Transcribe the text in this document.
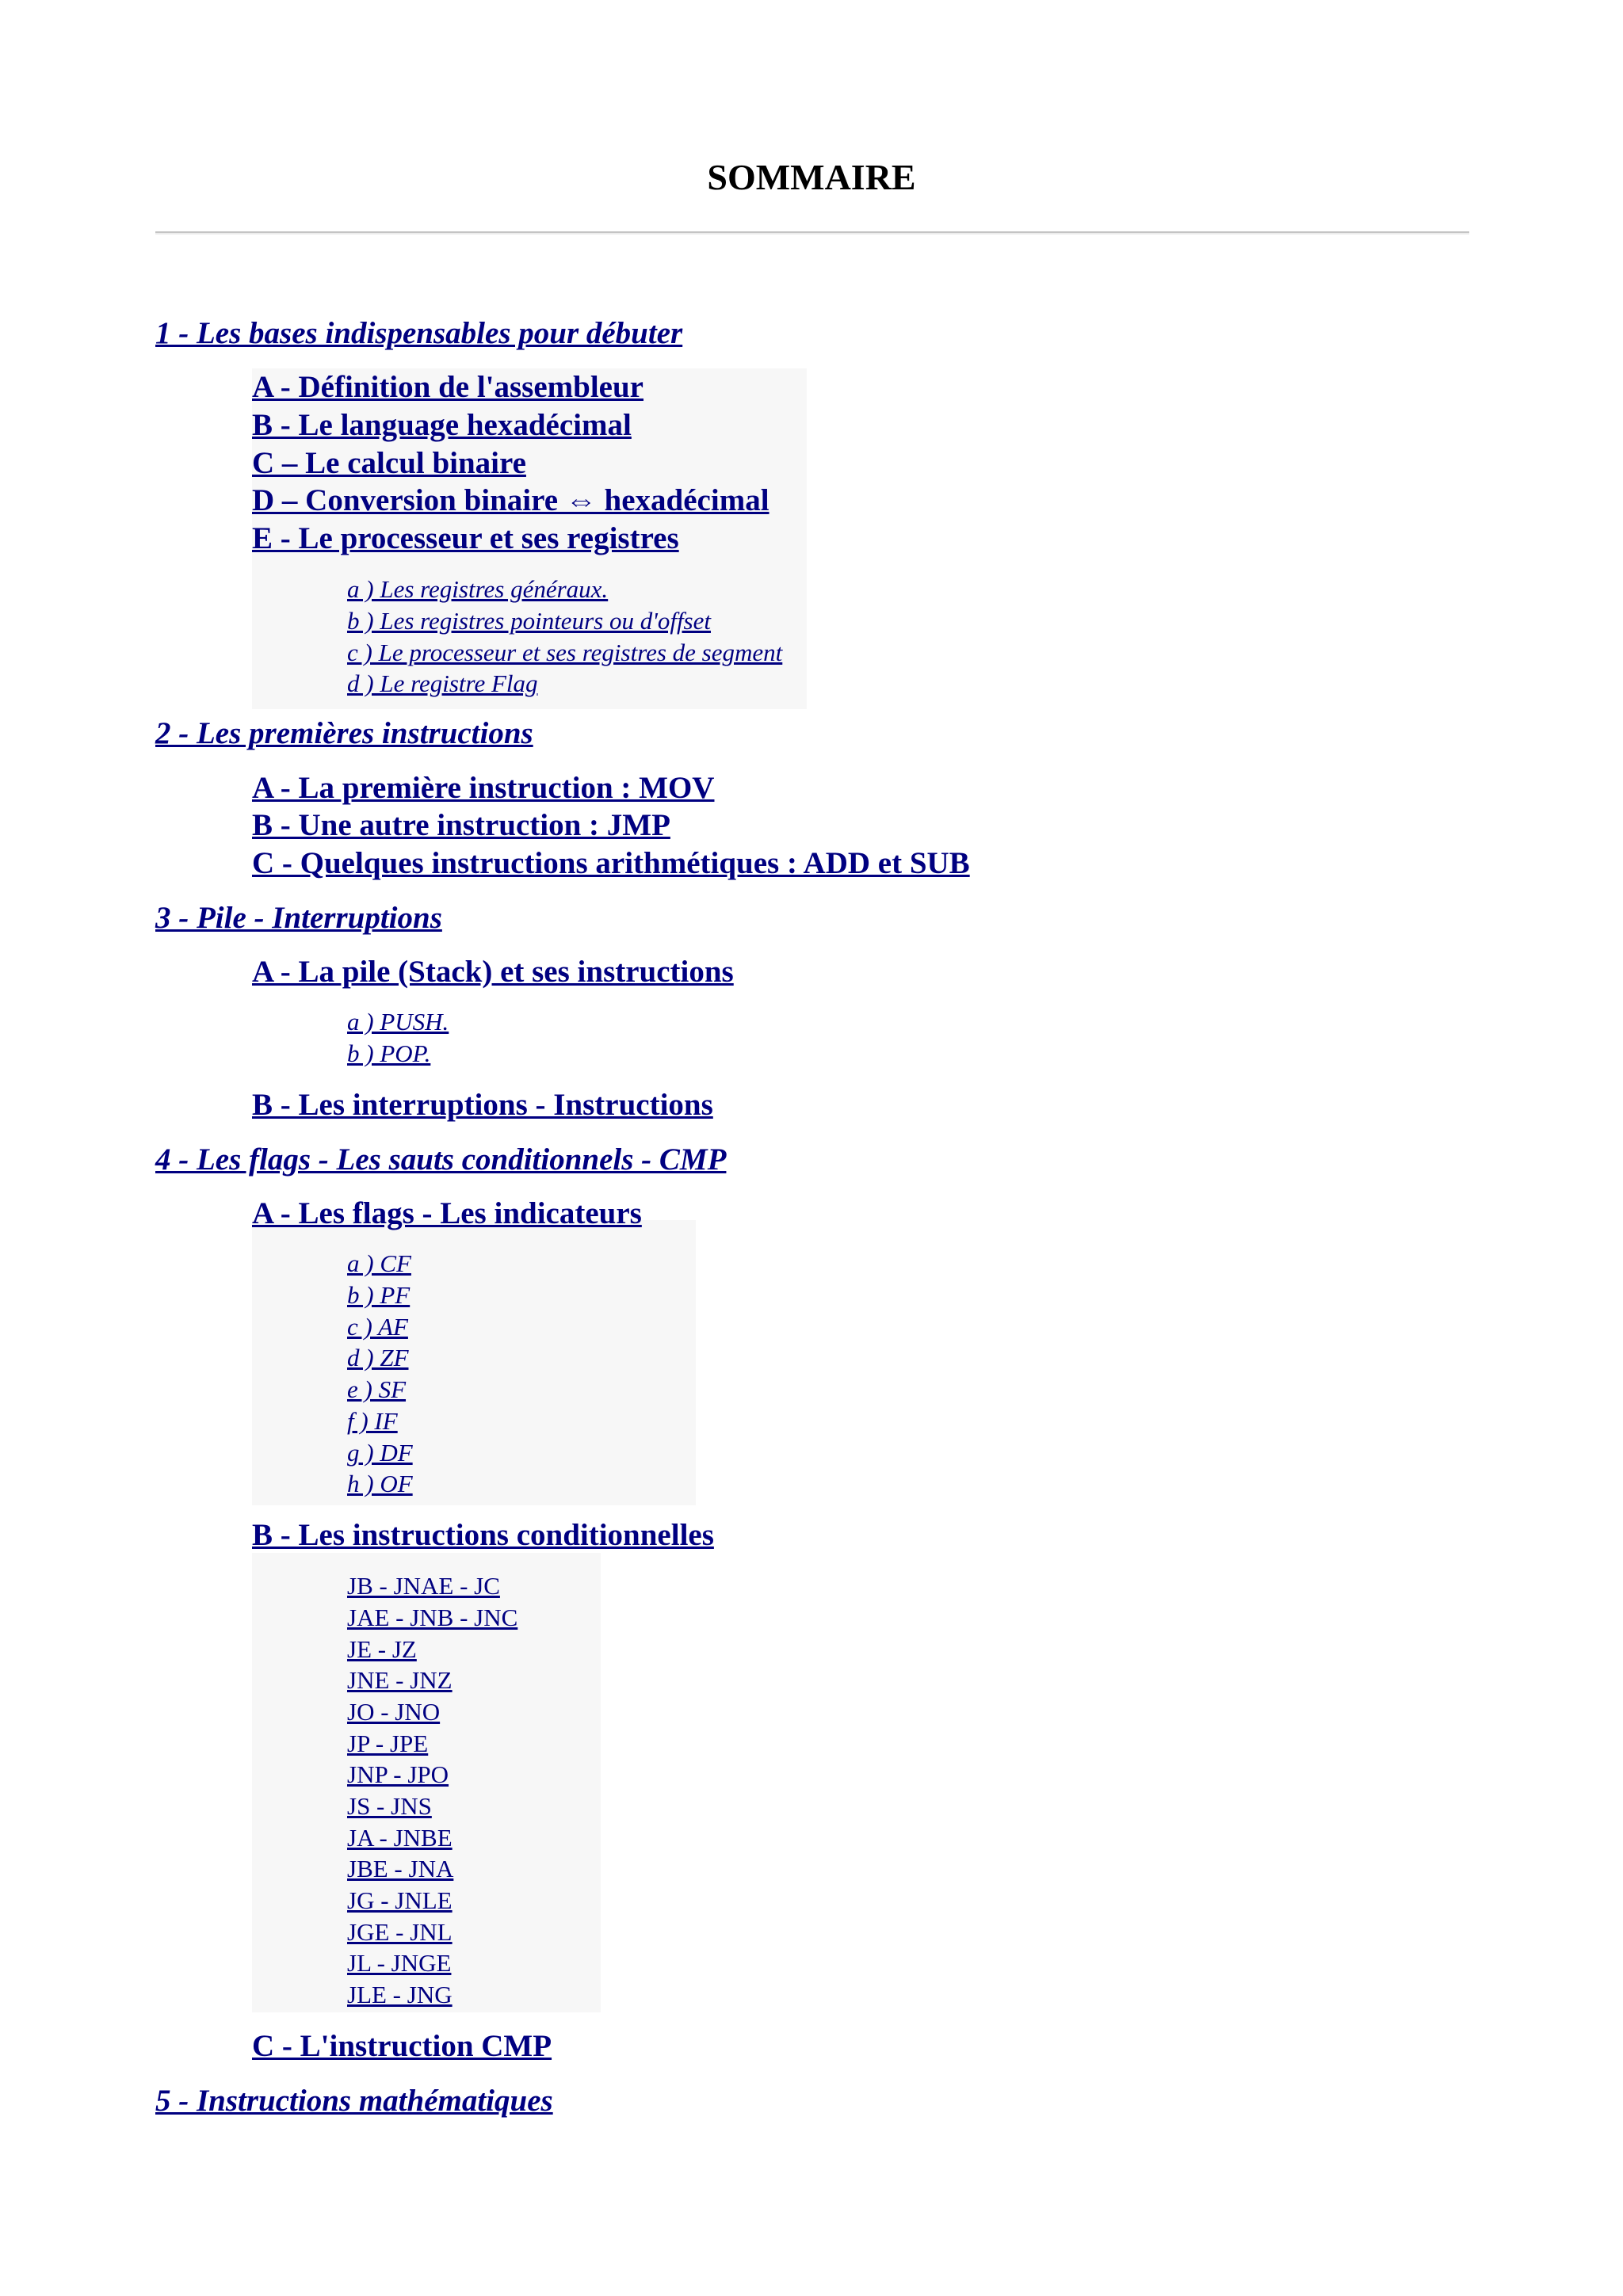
SOMMAIRE
1 - Les bases indispensables pour débuter
A - Définition de l'assembleur
B - Le language hexadécimal
C – Le calcul binaire
D – Conversion binaire ⇔ hexadécimal
E - Le processeur et ses registres
a ) Les registres généraux.
b ) Les registres pointeurs ou d'offset
c ) Le processeur et ses registres de segment
d ) Le registre Flag
2 - Les premières instructions
A - La première instruction : MOV
B - Une autre instruction : JMP
C - Quelques instructions arithmétiques : ADD et SUB
3 - Pile - Interruptions
A - La pile (Stack) et ses instructions
a ) PUSH.
b ) POP.
B - Les interruptions - Instructions
4 - Les flags - Les sauts conditionnels - CMP
A - Les flags - Les indicateurs
a ) CF
b ) PF
c ) AF
d ) ZF
e ) SF
f ) IF
g ) DF
h ) OF
B - Les instructions conditionnelles
JB - JNAE - JC
JAE - JNB - JNC
JE - JZ
JNE - JNZ
JO - JNO
JP - JPE
JNP - JPO
JS - JNS
JA - JNBE
JBE - JNA
JG - JNLE
JGE - JNL
JL - JNGE
JLE - JNG
C - L'instruction CMP
5 - Instructions mathématiques
